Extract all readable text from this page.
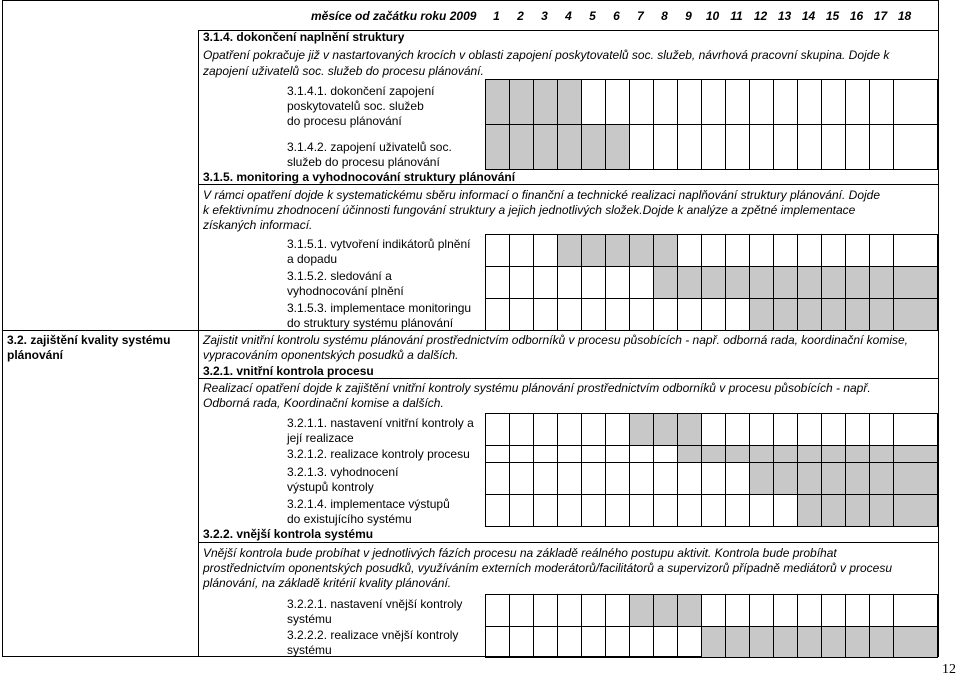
měsíce od začátku roku 2009	1	2	3	4	5	6	7	8	9	10 11 12 13 14 15 16 17 18
3.1.4. dokončení naplnění struktury
Opatření pokračuje již v nastartovaných krocích v oblasti zapojení poskytovatelů soc. služeb, návrhová pracovní skupina. Dojde k
zapojení uživatelů soc. služeb do procesu plánování.
3.1.4.1. dokončení zapojení
poskytovatelů soc. služeb
do procesu plánování
3.1.4.2. zapojení uživatelů soc.
služeb do procesu plánování
3.1.5. monitoring a vyhodnocování struktury plánování
V rámci opatření dojde k systematickému sběru informací o finanční a technické realizaci naplňování struktury plánování. Dojde
k efektivnímu zhodnocení účinnosti fungování struktury a jejich jednotlivých složek.Dojde k analýze a zpětné implementace
získaných informací.
3.1.5.1. vytvoření indikátorů plnění
a dopadu
3.1.5.2. sledování a
vyhodnocování plnění
3.1.5.3. implementace monitoringu
do struktury systému plánování
3.2. zajištění kvality systému
plánování
Zajistit vnitřní kontrolu systému plánování prostřednictvím odborníků v procesu působících - např. odborná rada, koordinační komise,
vypracováním oponentských posudků a dalších.
3.2.1. vnitřní kontrola procesu
Realizací opatření dojde k zajištění vnitřní kontroly systému plánování prostřednictvím odborníků v procesu působících - např.
Odborná rada, Koordinační komise a dalších.
3.2.1.1. nastavení vnitřní kontroly a
její realizace
3.2.1.2. realizace kontroly procesu
3.2.1.3. vyhodnocení
výstupů kontroly
3.2.1.4. implementace výstupů
do existujícího systému
3.2.2. vnější kontrola systému
Vnější kontrola bude probíhat v jednotlivých fázích procesu na základě reálného postupu aktivit. Kontrola bude probíhat
prostřednictvím oponentských posudků, využíváním externích moderátorů/facilitátorů a supervizorů případně mediátorů v procesu
plánování, na základě kritérií kvality plánování.
3.2.2.1. nastavení vnější kontroly
systému
3.2.2.2. realizace vnější kontroly
systému
12
